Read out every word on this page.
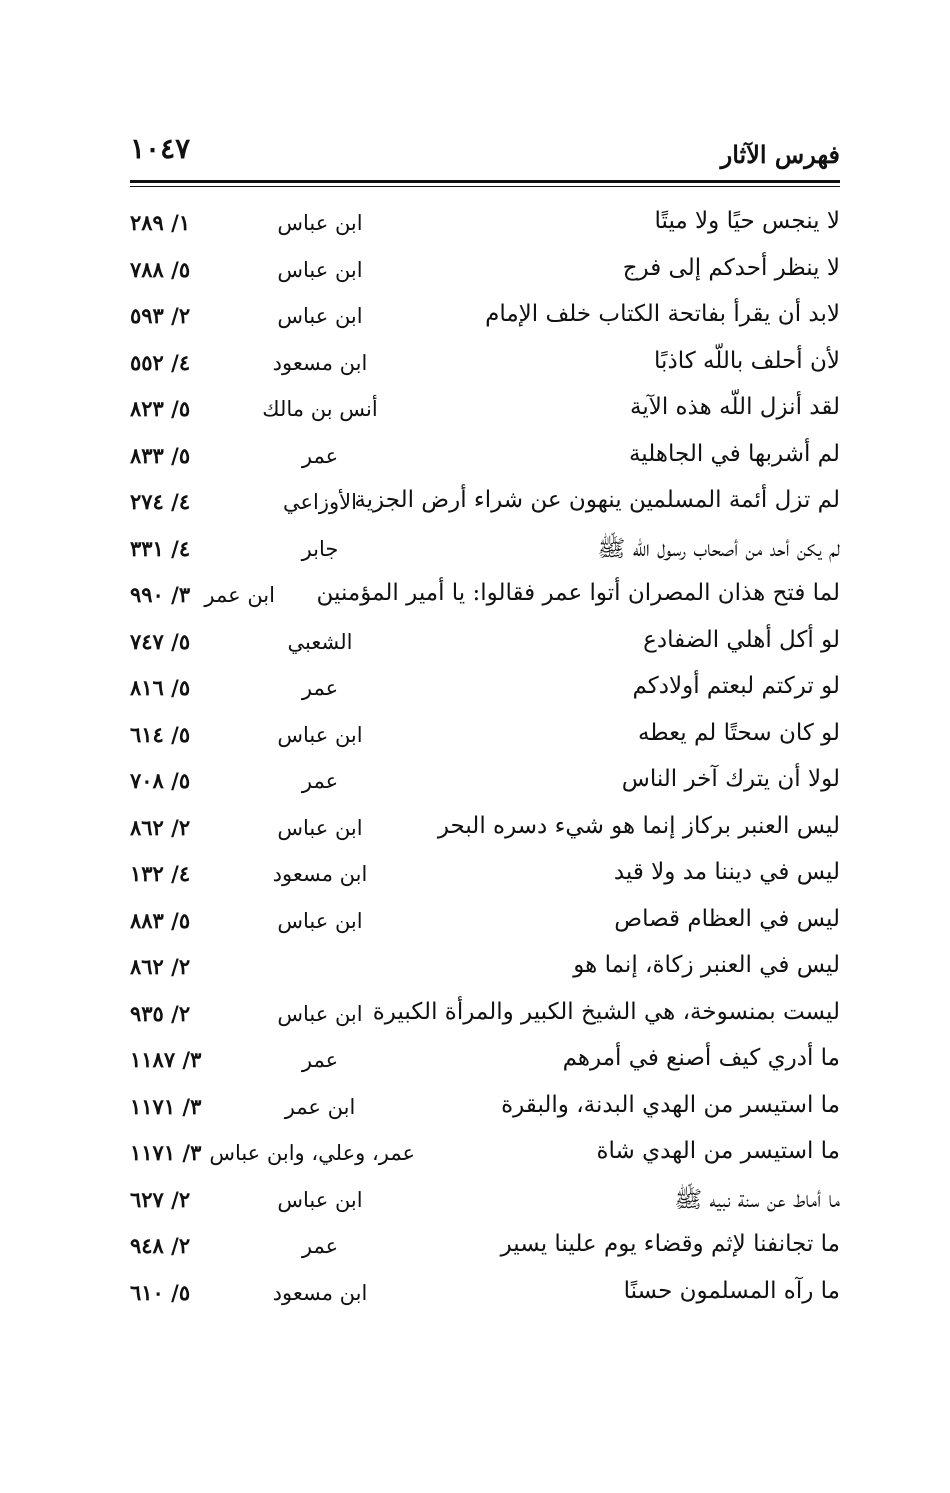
١٠٤٧	فهرس الآثار
لا ينجس حيًا ولا ميتًا
ابن عباس
١/ ٢٨٩
لا ينظر أحدكم إلى فرج
ابن عباس
٥/ ٧٨٨
لابد أن يقرأ بفاتحة الكتاب خلف الإمام
ابن عباس
٢/ ٥٩٣
لأن أحلف باللّه كاذبًا
ابن مسعود
٤/ ٥٥٢
لقد أنزل اللّه هذه الآية
أنس بن مالك
٥/ ٨٢٣
لم أشربها في الجاهلية
عمر
٥/ ٨٣٣
لم تزل أئمة المسلمين ينهون عن شراء أرض الجزية
الأوزاعي
٤/ ٢٧٤
لم يكن أحد من أصحاب رسول اللّه ﷺ
جابر
٤/ ٣٣١
لما فتح هذان المصران أتوا عمر فقالوا: يا أمير المؤمنين
ابن عمر
٣/ ٩٩٠
لو أكل أهلي الضفادع
الشعبي
٥/ ٧٤٧
لو تركتم لبعتم أولادكم
عمر
٥/ ٨١٦
لو كان سحتًا لم يعطه
ابن عباس
٥/ ٦١٤
لولا أن يترك آخر الناس
عمر
٥/ ٧٠٨
ليس العنبر بركاز إنما هو شيء دسره البحر
ابن عباس
٢/ ٨٦٢
ليس في ديننا مد ولا قيد
ابن مسعود
٤/ ١٣٢
ليس في العظام قصاص
ابن عباس
٥/ ٨٨٣
ليس في العنبر زكاة، إنما هو
٢/ ٨٦٢
ليست بمنسوخة، هي الشيخ الكبير والمرأة الكبيرة
ابن عباس
٢/ ٩٣٥
ما أدري كيف أصنع في أمرهم
عمر
٣/ ١١٨٧
ما استيسر من الهدي البدنة، والبقرة
ابن عمر
٣/ ١١٧١
ما استيسر من الهدي شاة
عمر، وعلي، وابن عباس
٣/ ١١٧١
ما أماط عن سنة نبيه ﷺ
ابن عباس
٢/ ٦٢٧
ما تجانفنا لإثم وقضاء يوم علينا يسير
عمر
٢/ ٩٤٨
ما رآه المسلمون حسنًا
ابن مسعود
٥/ ٦١٠
